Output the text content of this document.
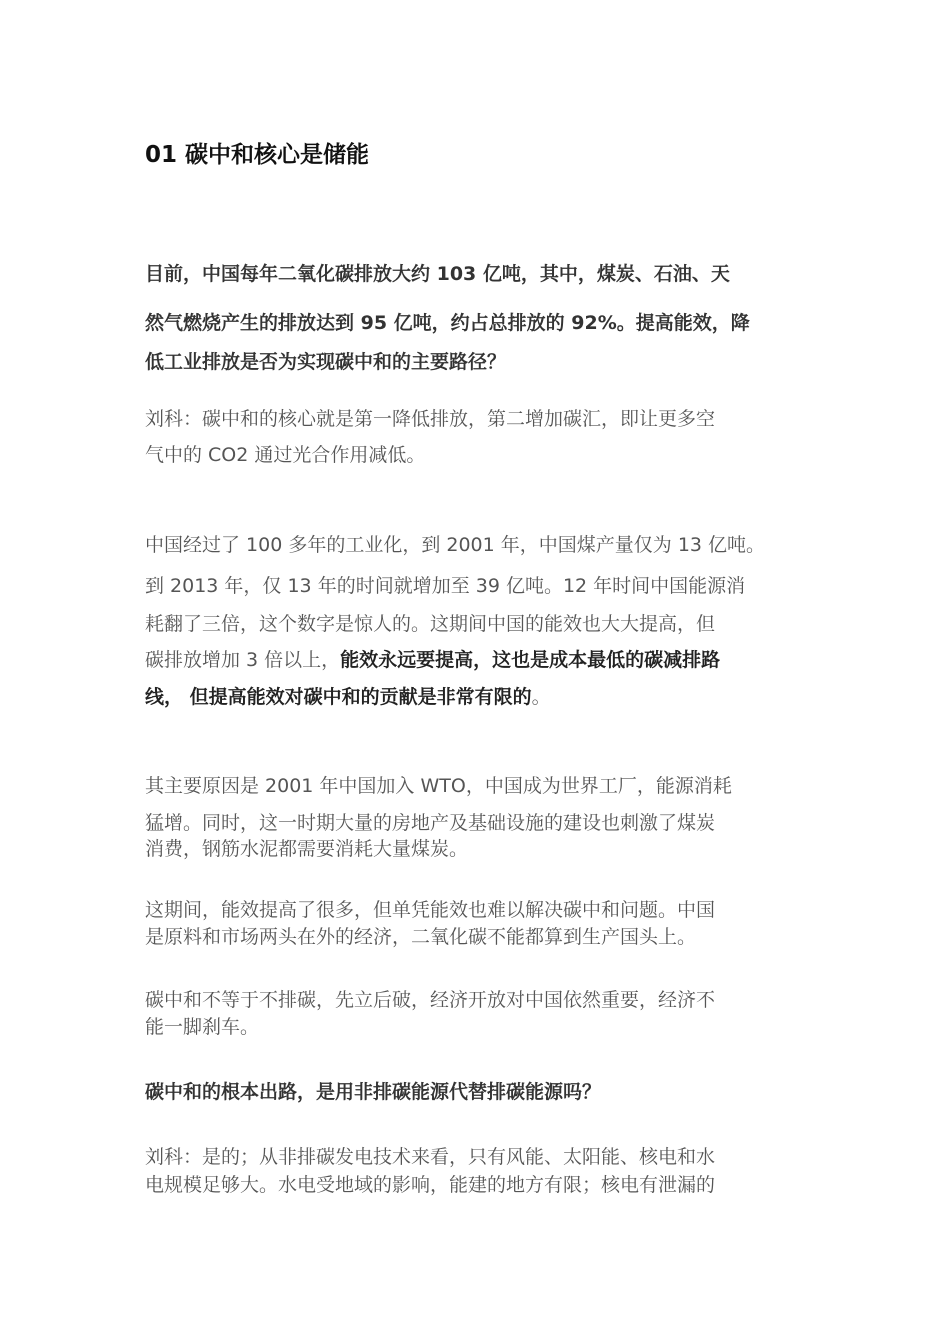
01 碳中和核心是储能
目前，中国每年二氧化碳排放大约 103 亿吨，其中，煤炭、石油、天
然气燃烧产生的排放达到 95 亿吨，约占总排放的 92%。提高能效，降
低工业排放是否为实现碳中和的主要路径？
刘科：碳中和的核心就是第一降低排放，第二增加碳汇，即让更多空
气中的 CO2 通过光合作用减低。
中国经过了 100 多年的工业化，到 2001 年，中国煤产量仅为 13 亿吨。
到 2013 年，仅 13 年的时间就增加至 39 亿吨。12 年时间中国能源消
耗翻了三倍，这个数字是惊人的。这期间中国的能效也大大提高，但
碳排放增加 3 倍以上，能效永远要提高，这也是成本最低的碳减排路
线， 但提高能效对碳中和的贡献是非常有限的。
其主要原因是 2001 年中国加入 WTO，中国成为世界工厂，能源消耗
猛增。同时，这一时期大量的房地产及基础设施的建设也刺激了煤炭
消费，钢筋水泥都需要消耗大量煤炭。
这期间，能效提高了很多，但单凭能效也难以解决碳中和问题。中国
是原料和市场两头在外的经济，二氧化碳不能都算到生产国头上。
碳中和不等于不排碳，先立后破，经济开放对中国依然重要，经济不
能一脚刹车。
碳中和的根本出路，是用非排碳能源代替排碳能源吗？
刘科：是的；从非排碳发电技术来看，只有风能、太阳能、核电和水
电规模足够大。水电受地域的影响，能建的地方有限；核电有泄漏的
